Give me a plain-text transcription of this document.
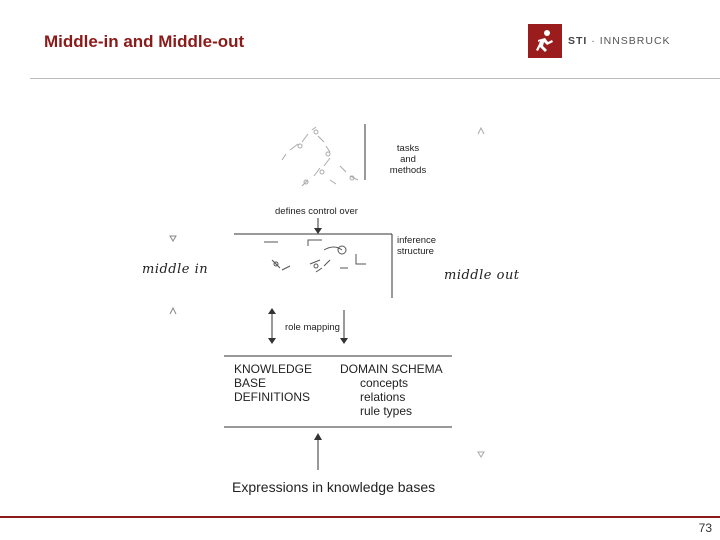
Middle-in and Middle-out	STI · INNSBRUCK
tasks
and
methods
defines control over
inference
structure
middle in	middle out
role mapping
KNOWLEDGE
BASE
DEFINITIONS
DOMAIN SCHEMA
concepts
relations
rule types
Expressions in knowledge bases
73
